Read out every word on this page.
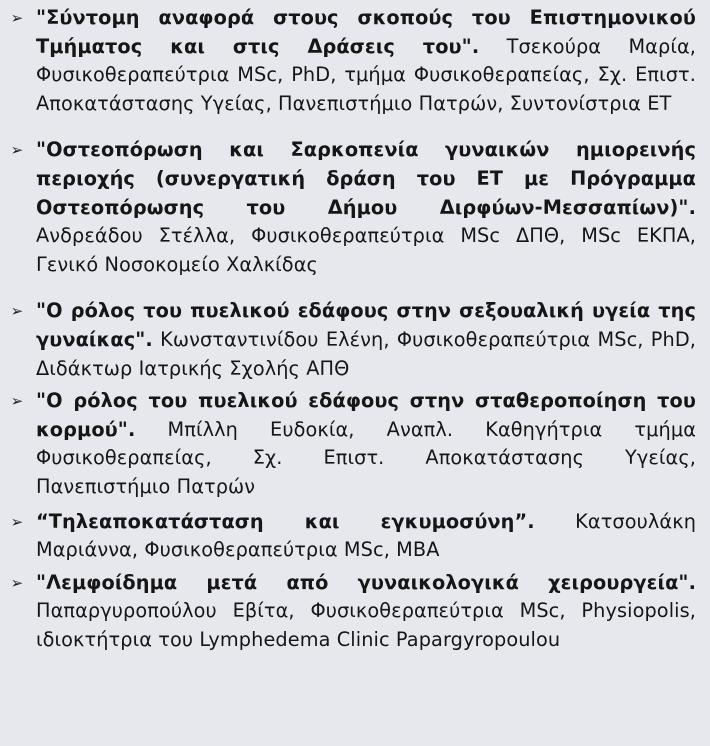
➢ "Σύντομη αναφορά στους σκοπούς του Επιστημονικού Τμήματος και στις Δράσεις του". Τσεκούρα Μαρία, Φυσικοθεραπεύτρια MSc, PhD, τμήμα Φυσικοθεραπείας, Σχ. Επιστ. Αποκατάστασης Υγείας, Πανεπιστήμιο Πατρών, Συντονίστρια ΕΤ
➢ "Οστεοπόρωση και Σαρκοπενία γυναικών ημιορεινής περιοχής (συνεργατική δράση του ΕΤ με Πρόγραμμα Οστεοπόρωσης του Δήμου Διρφύων-Μεσσαπίων)". Ανδρεάδου Στέλλα, Φυσικοθεραπεύτρια MSc ΔΠΘ, MSc ΕΚΠΑ, Γενικό Νοσοκομείο Χαλκίδας
➢ "Ο ρόλος του πυελικού εδάφους στην σεξουαλική υγεία της γυναίκας". Κωνσταντινίδου Ελένη, Φυσικοθεραπεύτρια MSc, PhD, Διδάκτωρ Ιατρικής Σχολής ΑΠΘ
➢ "Ο ρόλος του πυελικού εδάφους στην σταθεροποίηση του κορμού". Μπίλλη Ευδοκία, Αναπλ. Καθηγήτρια τμήμα Φυσικοθεραπείας, Σχ. Επιστ. Αποκατάστασης Υγείας, Πανεπιστήμιο Πατρών
➢ “Τηλεαποκατάσταση και εγκυμοσύνη”. Κατσουλάκη Μαριάννα, Φυσικοθεραπεύτρια MSc, MBA
➢ "Λεμφοίδημα μετά από γυναικολογικά χειρουργεία". Παπαργυροπούλου Εβίτα, Φυσικοθεραπεύτρια MSc, Physiopolis, ιδιοκτήτρια του Lymphedema Clinic Papargyropoulou
